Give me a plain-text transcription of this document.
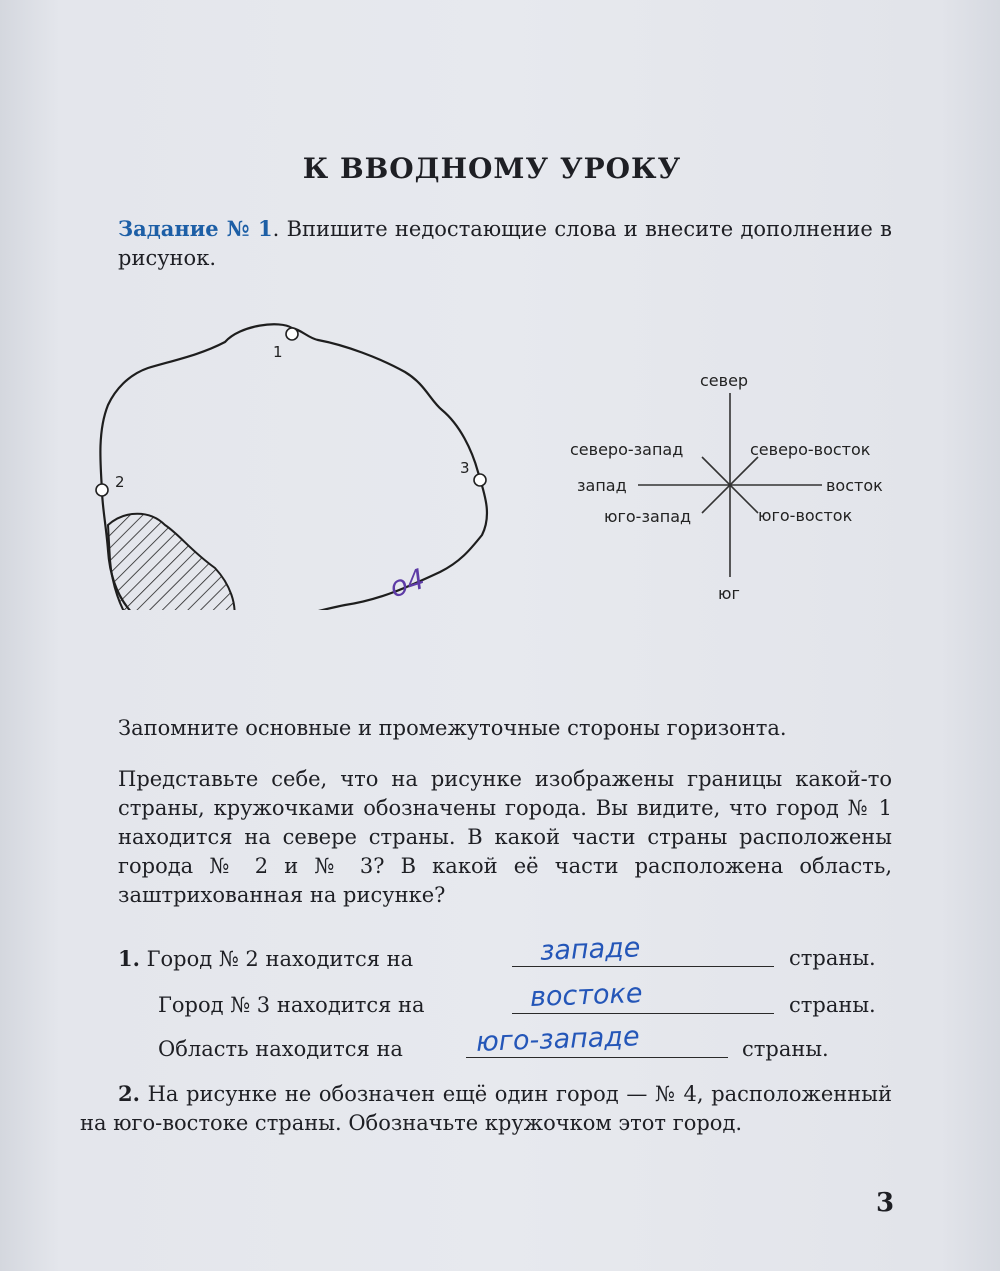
К ВВОДНОМУ УРОКУ
Задание № 1. Впишите недостающие слова и внесите дополнение в рисунок.
1
2
3
o4
север
северо-запад	северо-восток
запад	восток
юго-запад	юго-восток
юг
Запомните основные и промежуточные стороны горизонта.
Представьте себе, что на рисунке изображены границы какой-то страны, кружочками обозначены города. Вы видите, что город № 1 находится на севере страны. В какой части страны расположены города № 2 и № 3? В какой её части расположена область, заштрихованная на рисунке?
1. Город № 2 находится на	западе	страны.
Город № 3 находится на	востоке	страны.
Область находится на	юго-западе	страны.
2. На рисунке не обозначен ещё один город — № 4, расположенный на юго-востоке страны. Обозначьте кружочком этот город.
3
